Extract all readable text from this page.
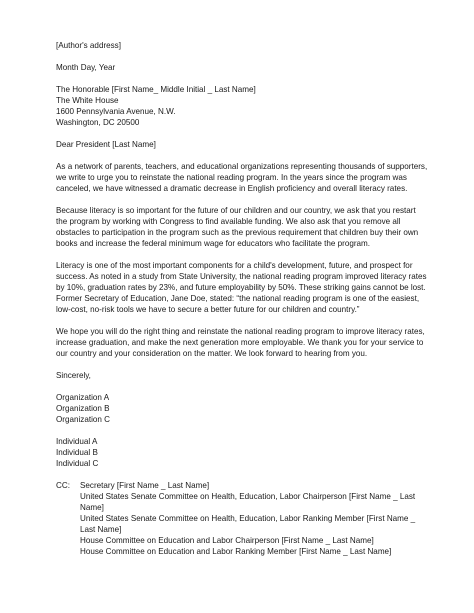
[Author's address]

Month Day, Year

The Honorable [First Name_ Middle Initial _ Last Name]
The White House
1600 Pennsylvania Avenue, N.W.
Washington, DC 20500

Dear President [Last Name]

As a network of parents, teachers, and educational organizations representing thousands of supporters, we write to urge you to reinstate the national reading program. In the years since the program was canceled, we have witnessed a dramatic decrease in English proficiency and overall literacy rates.

Because literacy is so important for the future of our children and our country, we ask that you restart the program by working with Congress to find available funding. We also ask that you remove all obstacles to participation in the program such as the previous requirement that children buy their own books and increase the federal minimum wage for educators who facilitate the program.

Literacy is one of the most important components for a child's development, future, and prospect for success. As noted in a study from State University, the national reading program improved literacy rates by 10%, graduation rates by 23%, and future employability by 50%. These striking gains cannot be lost. Former Secretary of Education, Jane Doe, stated: “the national reading program is one of the easiest, low-cost, no-risk tools we have to secure a better future for our children and country.”

We hope you will do the right thing and reinstate the national reading program to improve literacy rates, increase graduation, and make the next generation more employable. We thank you for your service to our country and your consideration on the matter. We look forward to hearing from you.

Sincerely,

Organization A
Organization B
Organization C
Individual A
Individual B
Individual C
CC:	Secretary [First Name _ Last Name]

United States Senate Committee on Health, Education, Labor Chairperson [First Name _ Last Name]

United States Senate Committee on Health, Education, Labor Ranking Member [First Name _ Last Name]

House Committee on Education and Labor Chairperson [First Name _ Last Name]

House Committee on Education and Labor Ranking Member [First Name _ Last Name]
